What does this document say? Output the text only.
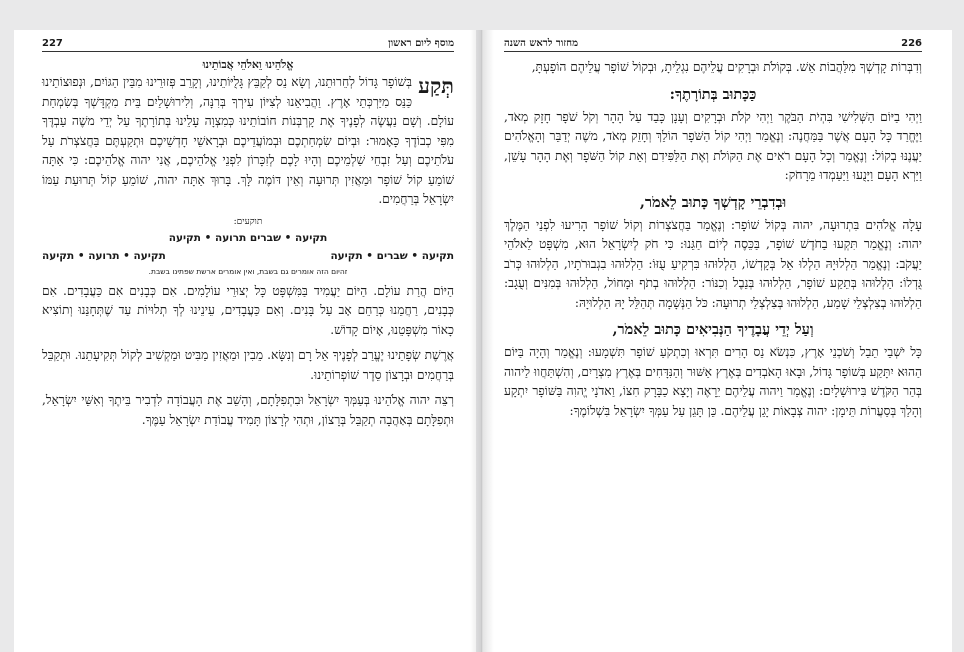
מוסף ליום ראשון
227
אֱלֹהֵינוּ וֵאלֹהֵי אֲבוֹתֵינוּ

תְּקַע
בְּשׁוֹפָר גָּדוֹל לְחֵרוּתֵנוּ, וְשָׂא נֵס לְקַבֵּץ גָּלֻיּוֹתֵינוּ, וְקָרֵב פְּזוּרֵינוּ מִבֵּין הַגּוֹיִם, וּנְפוּצוֹתֵינוּ כַּנֵּס מִיַּרְכְּתֵי אָרֶץ. וַהֲבִיאֵנוּ לְצִיּוֹן עִירְךָ בְּרִנָּה, וְלִירוּשָׁלַיִם בֵּית מִקְדָּשְׁךָ בְּשִׂמְחַת עוֹלָם. וְשָׁם נַעֲשֶׂה לְפָנֶיךָ אֶת קָרְבְּנוֹת חוֹבוֹתֵינוּ כְּמִצְוָה עָלֵינוּ בְּתוֹרָתֶךָ עַל יְדֵי משֶׁה עַבְדֶּךָ מִפִּי כְבוֹדֶךָ כָּאָמוּר: וּבְיוֹם שִׂמְחַתְכֶם וּבְמוֹעֲדֵיכֶם וּבְרָאשֵׁי חָדְשֵׁיכֶם וּתְקַעְתֶּם בַּחֲצֹצְרֹת עַל עֹלֹתֵיכֶם וְעַל זִבְחֵי שַׁלְמֵיכֶם וְהָיוּ לָכֶם לְזִכָּרוֹן לִפְנֵי אֱלֹהֵיכֶם, אֲנִי יהוה אֱלֹהֵיכֶם: כִּי אַתָּה שׁוֹמֵעַ קוֹל שׁוֹפָר וּמַאֲזִין תְּרוּעָה וְאֵין דּוֹמֶה לָּךְ. בָּרוּךְ אַתָּה יהוה, שׁוֹמֵעַ קוֹל תְּרוּעַת עַמּוֹ יִשְׂרָאֵל בְּרַחֲמִים.

תוקעים:
תקיעה • שברים תרועה • תקיעה
תקיעה • שברים • תקיעה
תקיעה • תרועה • תקיעה
זהיום הזה אומרים גם בשבת, ואין אומרים ארשת שפתינו בשבת.

הַיּוֹם הֲרַת עוֹלָם. הַיּוֹם יַעֲמִיד בַּמִּשְׁפָּט כָּל יְצוּרֵי עוֹלָמִים. אִם כְּבָנִים אִם כַּעֲבָדִים. אִם כְּבָנִים, רַחֲמֵנוּ כְּרַחֵם אָב עַל בָּנִים. וְאִם כַּעֲבָדִים, עֵינֵינוּ לְךָ תְלוּיוֹת עַד שֶׁתְּחָנֵּנוּ וְתוֹצִיא כָאוֹר מִשְׁפָּטֵנוּ, אָיוֹם קָדוֹשׁ.

אֲרֶשֶׁת שְׂפָתֵינוּ יֶעֱרַב לְפָנֶיךָ אֵל רָם וְנִשָּׂא. מֵבִין וּמַאֲזִין מַבִּיט וּמַקְשִׁיב לְקוֹל תְּקִיעָתֵנוּ. וּתְקַבֵּל בְּרַחֲמִים וּבְרָצוֹן סֵדֶר שׁוֹפְרוֹתֵינוּ.

רְצֵה יהוה אֱלֹהֵינוּ בְּעַמְּךָ יִשְׂרָאֵל וּבִתְפִלָּתָם, וְהָשֵׁב אֶת הָעֲבוֹדָה לִדְבִיר בֵּיתֶךָ וְאִשֵּׁי יִשְׂרָאֵל, וּתְפִלָּתָם בְּאַהֲבָה תְקַבֵּל בְּרָצוֹן, וּתְהִי לְרָצוֹן תָּמִיד עֲבוֹדַת יִשְׂרָאֵל עַמֶּךָ.

226
מחזור לראש השנה

וְדִבְּרוֹת קָדְשְׁךָ מִלַּהֲבוֹת אֵשׁ. בְּקוֹלֹת וּבְרָקִים עֲלֵיהֶם נִגְלֵיתָ, וּבְקוֹל שׁוֹפָר עֲלֵיהֶם הוֹפָעְתָּ,

כַּכָּתוּב בְּתוֹרָתֶךָ:

וַיְהִי בַיּוֹם הַשְּׁלִישִׁי בִּהְיֹת הַבֹּקֶר וַיְהִי קֹלֹת וּבְרָקִים וְעָנָן כָּבֵד עַל הָהָר וְקֹל שֹׁפָר חָזָק מְאֹד, וַיֶּחֱרַד כָּל הָעָם אֲשֶׁר בַּמַּחֲנֶה: וְנֶאֱמַר וַיְהִי קוֹל הַשֹּׁפָר הוֹלֵךְ וְחָזֵק מְאֹד, משֶׁה יְדַבֵּר וְהָאֱלֹהִים יַעֲנֶנּוּ בְקוֹל: וְנֶאֱמַר וְכָל הָעָם רֹאִים אֶת הַקּוֹלֹת וְאֶת הַלַּפִּידִם וְאֵת קוֹל הַשֹּׁפָר וְאֶת הָהָר עָשֵׁן, וַיַּרְא הָעָם וַיָּנֻעוּ וַיַּעַמְדוּ מֵרָחֹק:

וּבְדִבְרֵי קָדְשְׁךָ כָּתוּב לֵאמֹר,

עָלָה אֱלֹהִים בִּתְרוּעָה, יהוה בְּקוֹל שׁוֹפָר: וְנֶאֱמַר בַּחֲצֹצְרוֹת וְקוֹל שׁוֹפָר הָרִיעוּ לִפְנֵי הַמֶּלֶךְ יהוה: וְנֶאֱמַר תִּקְעוּ בַחֹדֶשׁ שׁוֹפָר, בַּכֵּסֶה לְיוֹם חַגֵּנוּ: כִּי חֹק לְיִשְׂרָאֵל הוּא, מִשְׁפָּט לֵאלֹהֵי יַעֲקֹב: וְנֶאֱמַר הַלְלוּיָהּ הַלְלוּ אֵל בְּקָדְשׁוֹ, הַלְלוּהוּ בִּרְקִיעַ עֻזּוֹ: הַלְלוּהוּ בִגְבוּרֹתָיו, הַלְלוּהוּ כְּרֹב גֻּדְלוֹ: הַלְלוּהוּ בְּתֵקַע שׁוֹפָר, הַלְלוּהוּ בְּנֵבֶל וְכִנּוֹר: הַלְלוּהוּ בְתֹף וּמָחוֹל, הַלְלוּהוּ בְּמִנִּים וְעֻגָב: הַלְלוּהוּ בְצִלְצְלֵי שָׁמַע, הַלְלוּהוּ בְּצִלְצְלֵי תְרוּעָה: כֹּל הַנְּשָׁמָה תְּהַלֵּל יָהּ הַלְלוּיָהּ:

וְעַל יְדֵי עֲבָדֶיךָ הַנְּבִיאִים כָּתוּב לֵאמֹר,

כָּל יֹשְׁבֵי תֵבֵל וְשֹׁכְנֵי אָרֶץ, כִּנְשֹׂא נֵס הָרִים תִּרְאוּ וְכִתְקֹעַ שׁוֹפָר תִּשְׁמָעוּ: וְנֶאֱמַר וְהָיָה בַּיּוֹם הַהוּא יִתָּקַע בְּשׁוֹפָר גָּדוֹל, וּבָאוּ הָאֹבְדִים בְּאֶרֶץ אַשּׁוּר וְהַנִּדָּחִים בְּאֶרֶץ מִצְרָיִם, וְהִשְׁתַּחֲווּ לַיהוה בְּהַר הַקֹּדֶשׁ בִּירוּשָׁלָיִם: וְנֶאֱמַר וַיהוה עֲלֵיהֶם יֵרָאֶה וְיָצָא כַבָּרָק חִצּוֹ, וַאדֹנָי יֱהוִה בַּשּׁוֹפָר יִתְקָע וְהָלַךְ בְּסַעֲרוֹת תֵּימָן: יהוה צְבָאוֹת יָגֵן עֲלֵיהֶם. כֵּן תָּגֵן עַל עַמְּךָ יִשְׂרָאֵל בִּשְׁלוֹמֶךָ:
